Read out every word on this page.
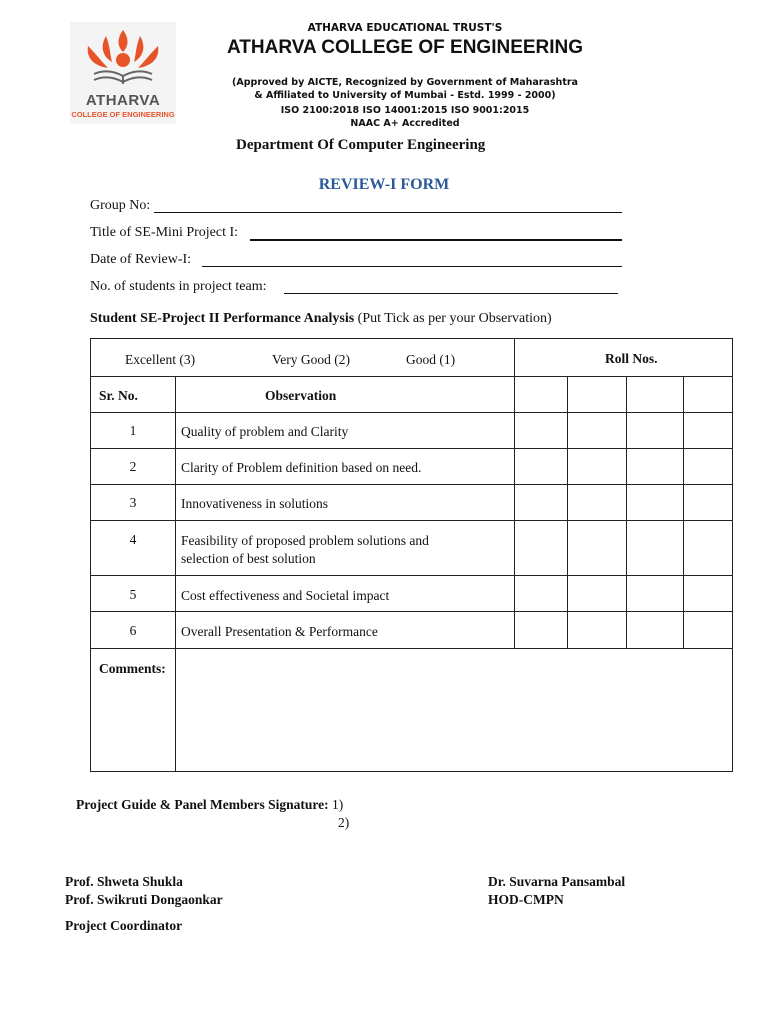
ATHARVA
COLLEGE OF ENGINEERING
ATHARVA EDUCATIONAL TRUST'S
ATHARVA COLLEGE OF ENGINEERING
(Approved by AICTE, Recognized by Government of Maharashtra
& Affiliated to University of Mumbai - Estd. 1999 - 2000)
ISO 2100:2018 ISO 14001:2015 ISO 9001:2015
NAAC A+ Accredited
Department Of Computer Engineering
REVIEW-I FORM
Group No:
Title of SE-Mini Project I:
Date of Review-I:
No. of students in project team:
Student SE-Project II Performance Analysis (Put Tick as per your Observation)
Excellent (3)	Very Good (2)	Good (1)	Roll Nos.
Sr. No.	Observation
1	Quality of problem and Clarity
2	Clarity of Problem definition based on need.
3	Innovativeness in solutions
4	Feasibility of proposed problem solutions and
selection of best solution
5	Cost effectiveness and Societal impact
6	Overall Presentation & Performance
Comments:
Project Guide & Panel Members Signature: 1)
2)
Prof. Shweta Shukla
Prof. Swikruti Dongaonkar
Project Coordinator
Dr. Suvarna Pansambal
HOD-CMPN
